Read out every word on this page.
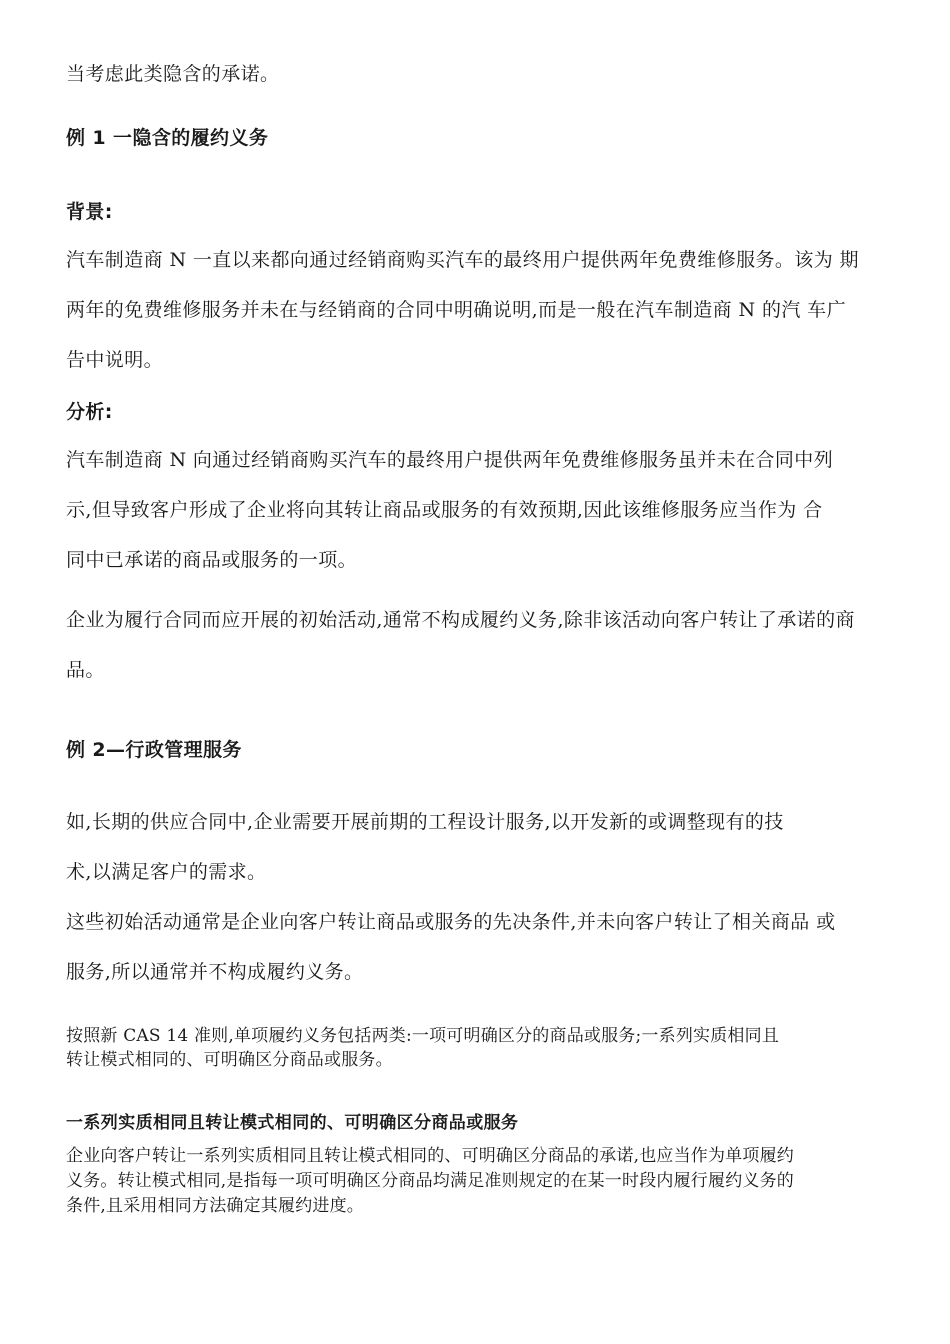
当考虑此类隐含的承诺。
例 1 一隐含的履约义务
背景:
汽车制造商 N 一直以来都向通过经销商购买汽车的最终用户提供两年免费维修服务。该为 期
两年的免费维修服务并未在与经销商的合同中明确说明,而是一般在汽车制造商 N 的汽 车广
告中说明。
分析:
汽车制造商 N 向通过经销商购买汽车的最终用户提供两年免费维修服务虽并未在合同中列
示,但导致客户形成了企业将向其转让商品或服务的有效预期,因此该维修服务应当作为 合
同中已承诺的商品或服务的一项。
企业为履行合同而应开展的初始活动,通常不构成履约义务,除非该活动向客户转让了承诺的商
品。
例 2—行政管理服务
如,长期的供应合同中,企业需要开展前期的工程设计服务,以开发新的或调整现有的技
术,以满足客户的需求。
这些初始活动通常是企业向客户转让商品或服务的先决条件,并未向客户转让了相关商品 或
服务,所以通常并不构成履约义务。
按照新 CAS 14 准则,单项履约义务包括两类:一项可明确区分的商品或服务;一系列实质相同且
转让模式相同的、可明确区分商品或服务。
一系列实质相同且转让模式相同的、可明确区分商品或服务
企业向客户转让一系列实质相同且转让模式相同的、可明确区分商品的承诺,也应当作为单项履约
义务。转让模式相同,是指每一项可明确区分商品均满足准则规定的在某一时段内履行履约义务的
条件,且采用相同方法确定其履约进度。
